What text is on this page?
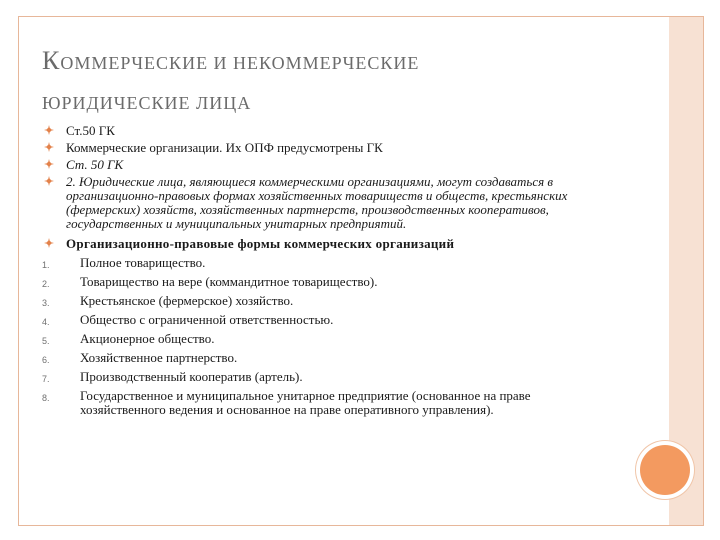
КОММЕРЧЕСКИЕ И НЕКОММЕРЧЕСКИЕ
ЮРИДИЧЕСКИЕ ЛИЦА
Ст.50 ГК
Коммерческие организации. Их ОПФ предусмотрены ГК
Ст. 50 ГК
2. Юридические лица, являющиеся коммерческими организациями, могут создаваться в организационно-правовых формах хозяйственных товариществ и обществ, крестьянских (фермерских) хозяйств, хозяйственных партнерств, производственных кооперативов, государственных и муниципальных унитарных предприятий.
Организационно-правовые формы коммерческих организаций
1. Полное товарищество.
2. Товарищество на вере (коммандитное товарищество).
3. Крестьянское (фермерское) хозяйство.
4. Общество с ограниченной ответственностью.
5. Акционерное общество.
6. Хозяйственное партнерство.
7. Производственный кооператив (артель).
8. Государственное и муниципальное унитарное предприятие (основанное на праве хозяйственного ведения и основанное на праве оперативного управления).
